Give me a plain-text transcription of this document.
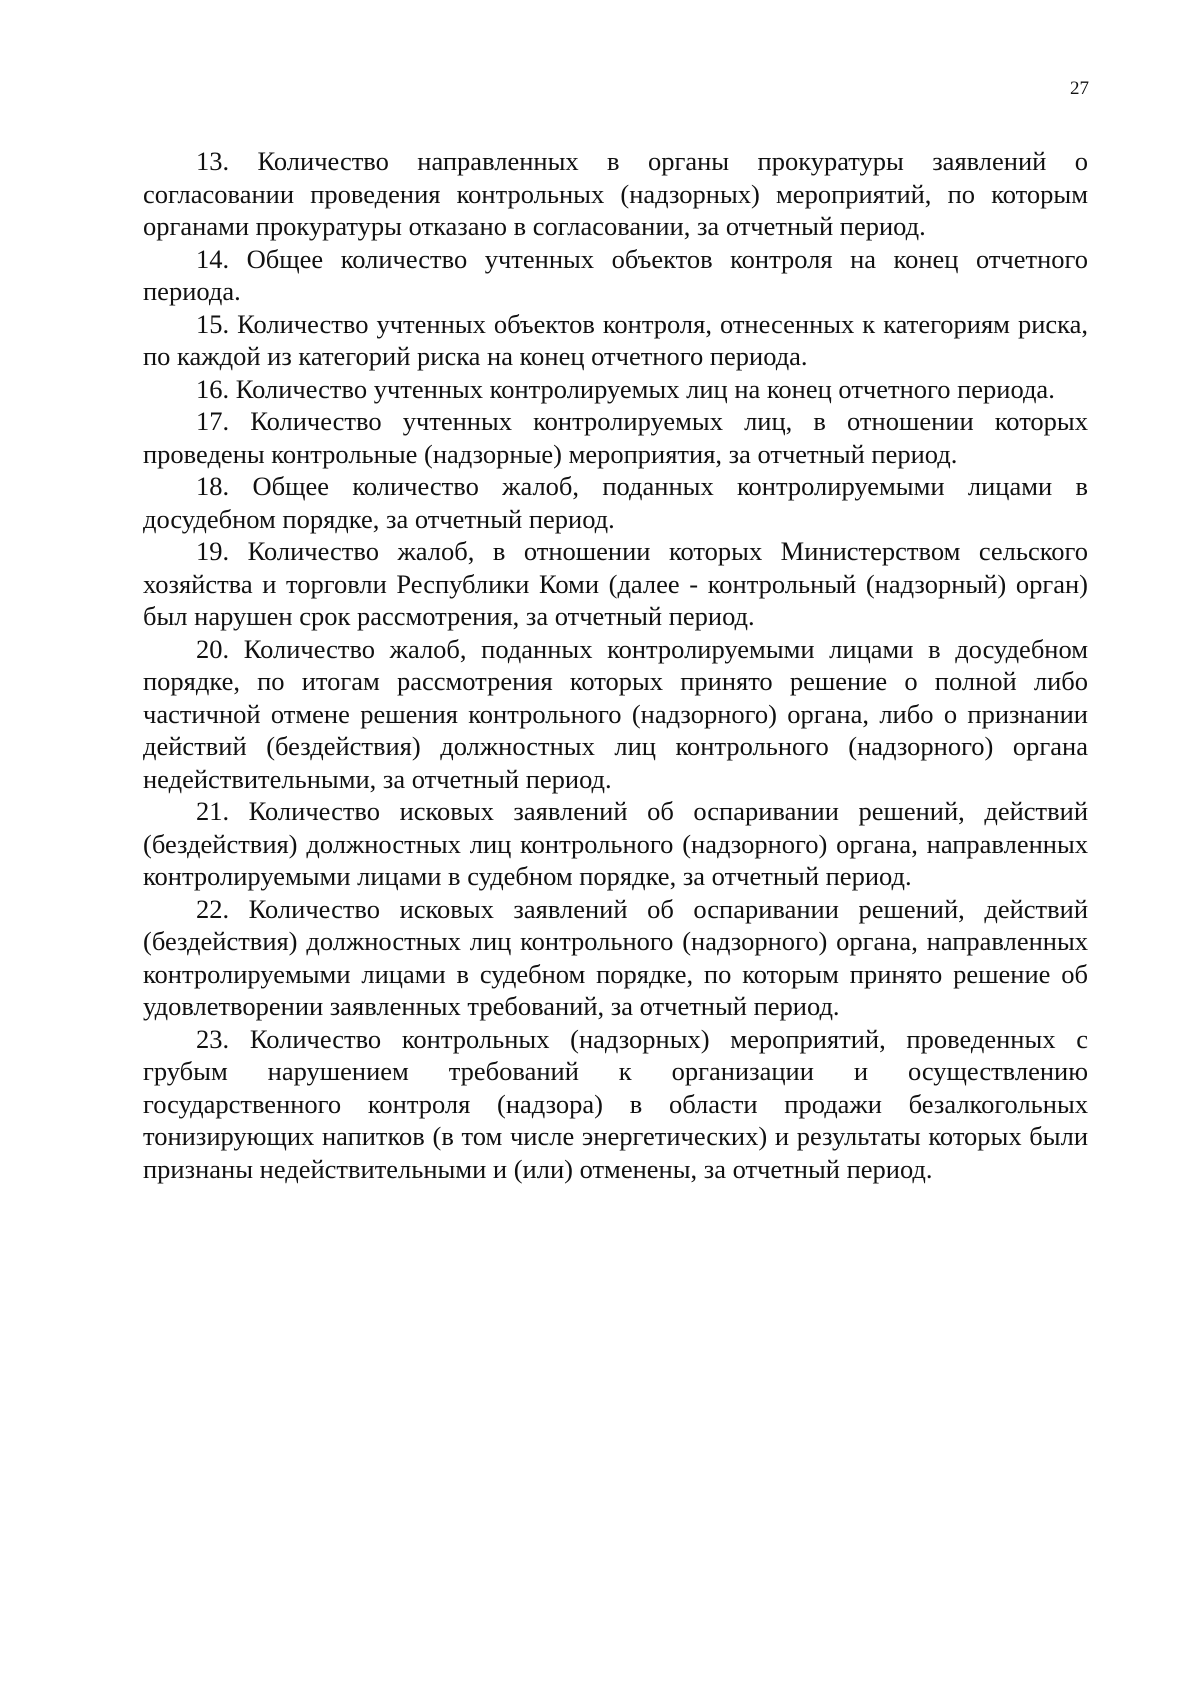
27

13. Количество направленных в органы прокуратуры заявлений о согласовании проведения контрольных (надзорных) мероприятий, по которым органами прокуратуры отказано в согласовании, за отчетный период.

14. Общее количество учтенных объектов контроля на конец отчетного периода.

15. Количество учтенных объектов контроля, отнесенных к категориям риска, по каждой из категорий риска на конец отчетного периода.

16. Количество учтенных контролируемых лиц на конец отчетного периода.

17. Количество учтенных контролируемых лиц, в отношении которых проведены контрольные (надзорные) мероприятия, за отчетный период.

18. Общее количество жалоб, поданных контролируемыми лицами в досудебном порядке, за отчетный период.

19. Количество жалоб, в отношении которых Министерством сельского хозяйства и торговли Республики Коми (далее - контрольный (надзорный) орган) был нарушен срок рассмотрения, за отчетный период.

20. Количество жалоб, поданных контролируемыми лицами в досудебном порядке, по итогам рассмотрения которых принято решение о полной либо частичной отмене решения контрольного (надзорного) органа, либо о признании действий (бездействия) должностных лиц контрольного (надзорного) органа недействительными, за отчетный период.

21. Количество исковых заявлений об оспаривании решений, действий (бездействия) должностных лиц контрольного (надзорного) органа, направленных контролируемыми лицами в судебном порядке, за отчетный период.

22. Количество исковых заявлений об оспаривании решений, действий (бездействия) должностных лиц контрольного (надзорного) органа, направленных контролируемыми лицами в судебном порядке, по которым принято решение об удовлетворении заявленных требований, за отчетный период.

23. Количество контрольных (надзорных) мероприятий, проведенных с грубым нарушением требований к организации и осуществлению государственного контроля (надзора) в области продажи безалкогольных тонизирующих напитков (в том числе энергетических) и результаты которых были признаны недействительными и (или) отменены, за отчетный период.
